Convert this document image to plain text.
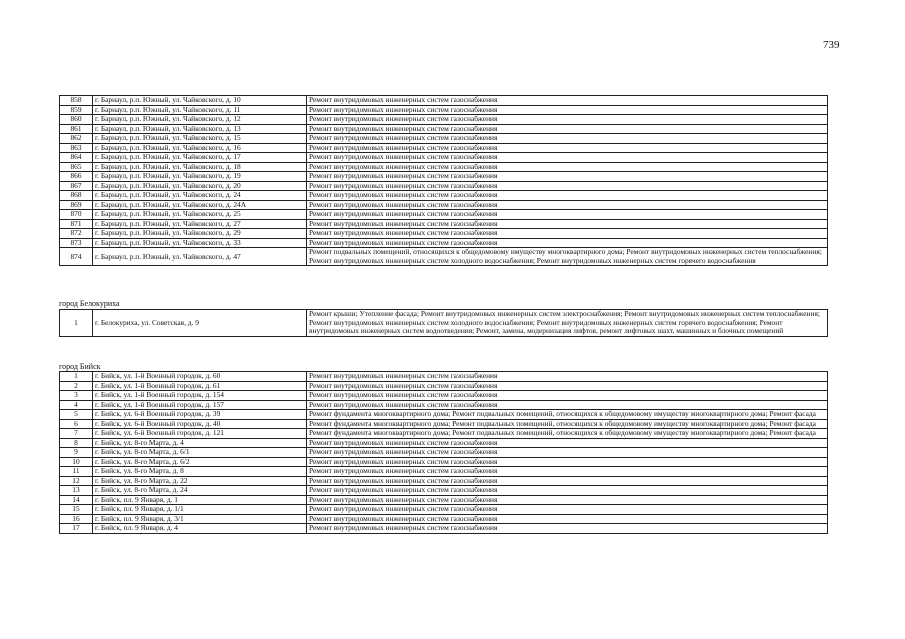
739
858	г. Барнаул, р.п. Южный, ул. Чайковского, д. 10	Ремонт внутридомовых инженерных систем газоснабжения
859	г. Барнаул, р.п. Южный, ул. Чайковского, д. 11	Ремонт внутридомовых инженерных систем газоснабжения
860	г. Барнаул, р.п. Южный, ул. Чайковского, д. 12	Ремонт внутридомовых инженерных систем газоснабжения
861	г. Барнаул, р.п. Южный, ул. Чайковского, д. 13	Ремонт внутридомовых инженерных систем газоснабжения
862	г. Барнаул, р.п. Южный, ул. Чайковского, д. 15	Ремонт внутридомовых инженерных систем газоснабжения
863	г. Барнаул, р.п. Южный, ул. Чайковского, д. 16	Ремонт внутридомовых инженерных систем газоснабжения
864	г. Барнаул, р.п. Южный, ул. Чайковского, д. 17	Ремонт внутридомовых инженерных систем газоснабжения
865	г. Барнаул, р.п. Южный, ул. Чайковского, д. 18	Ремонт внутридомовых инженерных систем газоснабжения
866	г. Барнаул, р.п. Южный, ул. Чайковского, д. 19	Ремонт внутридомовых инженерных систем газоснабжения
867	г. Барнаул, р.п. Южный, ул. Чайковского, д. 20	Ремонт внутридомовых инженерных систем газоснабжения
868	г. Барнаул, р.п. Южный, ул. Чайковского, д. 24	Ремонт внутридомовых инженерных систем газоснабжения
869	г. Барнаул, р.п. Южный, ул. Чайковского, д. 24А	Ремонт внутридомовых инженерных систем газоснабжения
870	г. Барнаул, р.п. Южный, ул. Чайковского, д. 25	Ремонт внутридомовых инженерных систем газоснабжения
871	г. Барнаул, р.п. Южный, ул. Чайковского, д. 27	Ремонт внутридомовых инженерных систем газоснабжения
872	г. Барнаул, р.п. Южный, ул. Чайковского, д. 29	Ремонт внутридомовых инженерных систем газоснабжения
873	г. Барнаул, р.п. Южный, ул. Чайковского, д. 33	Ремонт внутридомовых инженерных систем газоснабжения
874	г. Барнаул, р.п. Южный, ул. Чайковского, д. 47	Ремонт подвальных помещений, относящихся к общедомовому имуществу многоквартирного дома; Ремонт внутридомовых инженерных систем теплоснабжения; Ремонт внутридомовых инженерных систем холодного водоснабжения; Ремонт внутридомовых инженерных систем горячего водоснабжения
город Белокуриха
1	г. Белокуриха, ул. Советская, д. 9	Ремонт крыши; Утепление фасада; Ремонт внутридомовых инженерных систем электроснабжения; Ремонт внутридомовых инженерных систем теплоснабжения; Ремонт внутридомовых инженерных систем холодного водоснабжения; Ремонт внутридомовых инженерных систем горячего водоснабжения; Ремонт внутридомовых инженерных систем водоотведения; Ремонт, замена, модернизация лифтов, ремонт лифтовых шахт, машинных и блочных помещений
город Бийск
1	г. Бийск, ул. 1-й Военный городок, д. 60	Ремонт внутридомовых инженерных систем газоснабжения
2	г. Бийск, ул. 1-й Военный городок, д. 61	Ремонт внутридомовых инженерных систем газоснабжения
3	г. Бийск, ул. 1-й Военный городок, д. 154	Ремонт внутридомовых инженерных систем газоснабжения
4	г. Бийск, ул. 1-й Военный городок, д. 157	Ремонт внутридомовых инженерных систем газоснабжения
5	г. Бийск, ул. 6-й Военный городок, д. 39	Ремонт фундамента многоквартирного дома; Ремонт подвальных помещений, относящихся к общедомовому имуществу многоквартирного дома; Ремонт фасада
6	г. Бийск, ул. 6-й Военный городок, д. 40	Ремонт фундамента многоквартирного дома; Ремонт подвальных помещений, относящихся к общедомовому имуществу многоквартирного дома; Ремонт фасада
7	г. Бийск, ул. 6-й Военный городок, д. 121	Ремонт фундамента многоквартирного дома; Ремонт подвальных помещений, относящихся к общедомовому имуществу многоквартирного дома; Ремонт фасада
8	г. Бийск, ул. 8-го Марта, д. 4	Ремонт внутридомовых инженерных систем газоснабжения
9	г. Бийск, ул. 8-го Марта, д. 6/1	Ремонт внутридомовых инженерных систем газоснабжения
10	г. Бийск, ул. 8-го Марта, д. 6/2	Ремонт внутридомовых инженерных систем газоснабжения
11	г. Бийск, ул. 8-го Марта, д. 8	Ремонт внутридомовых инженерных систем газоснабжения
12	г. Бийск, ул. 8-го Марта, д. 22	Ремонт внутридомовых инженерных систем газоснабжения
13	г. Бийск, ул. 8-го Марта, д. 24	Ремонт внутридомовых инженерных систем газоснабжения
14	г. Бийск, пл. 9 Января, д. 1	Ремонт внутридомовых инженерных систем газоснабжения
15	г. Бийск, пл. 9 Января, д. 1/1	Ремонт внутридомовых инженерных систем газоснабжения
16	г. Бийск, пл. 9 Января, д. 3/1	Ремонт внутридомовых инженерных систем газоснабжения
17	г. Бийск, пл. 9 Января, д. 4	Ремонт внутридомовых инженерных систем газоснабжения
